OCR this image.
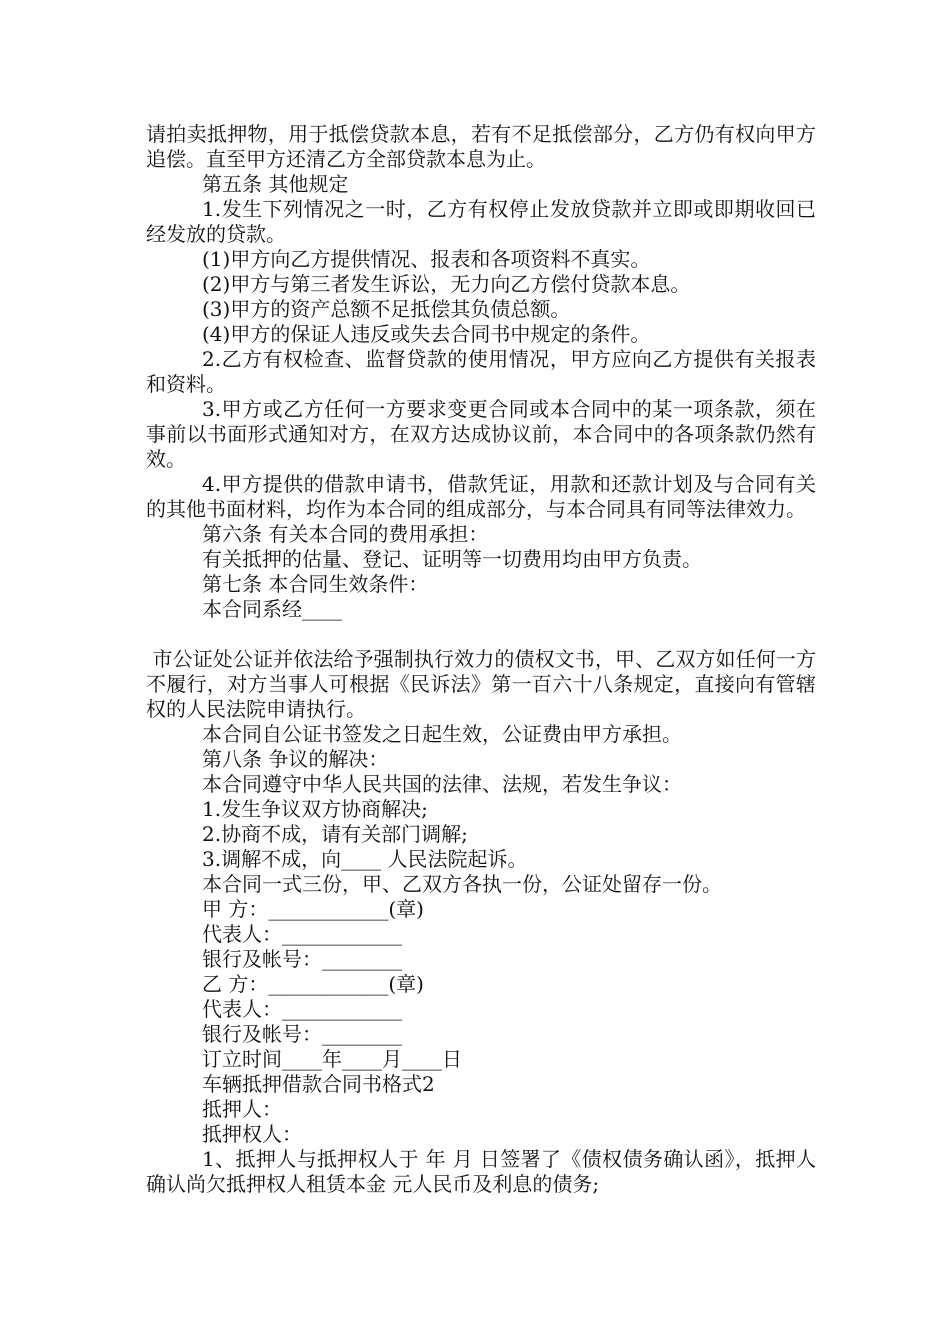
请拍卖抵押物，用于抵偿贷款本息，若有不足抵偿部分，乙方仍有权向甲方追偿。直至甲方还清乙方全部贷款本息为止。

第五条 其他规定

1.发生下列情况之一时，乙方有权停止发放贷款并立即或即期收回已经发放的贷款。

(1)甲方向乙方提供情况、报表和各项资料不真实。

(2)甲方与第三者发生诉讼，无力向乙方偿付贷款本息。

(3)甲方的资产总额不足抵偿其负债总额。

(4)甲方的保证人违反或失去合同书中规定的条件。

2.乙方有权检查、监督贷款的使用情况，甲方应向乙方提供有关报表和资料。

3.甲方或乙方任何一方要求变更合同或本合同中的某一项条款，须在事前以书面形式通知对方，在双方达成协议前，本合同中的各项条款仍然有效。

4.甲方提供的借款申请书，借款凭证，用款和还款计划及与合同有关的其他书面材料，均作为本合同的组成部分，与本合同具有同等法律效力。

第六条 有关本合同的费用承担：

有关抵押的估量、登记、证明等一切费用均由甲方负责。

第七条 本合同生效条件：

本合同系经____

市公证处公证并依法给予强制执行效力的债权文书，甲、乙双方如任何一方不履行，对方当事人可根据《民诉法》第一百六十八条规定，直接向有管辖权的人民法院申请执行。

本合同自公证书签发之日起生效，公证费由甲方承担。

第八条 争议的解决：

本合同遵守中华人民共国的法律、法规，若发生争议：

1.发生争议双方协商解决;

2.协商不成，请有关部门调解;

3.调解不成，向____ 人民法院起诉。

本合同一式三份，甲、乙双方各执一份，公证处留存一份。

甲 方：____________(章)

代表人：____________

银行及帐号：________

乙 方：____________(章)

代表人：____________

银行及帐号：________

订立时间____年____月____日

车辆抵押借款合同书格式2

抵押人：

抵押权人：

1、抵押人与抵押权人于 年 月 日签署了《债权债务确认函》，抵押人确认尚欠抵押权人租赁本金 元人民币及利息的债务;
